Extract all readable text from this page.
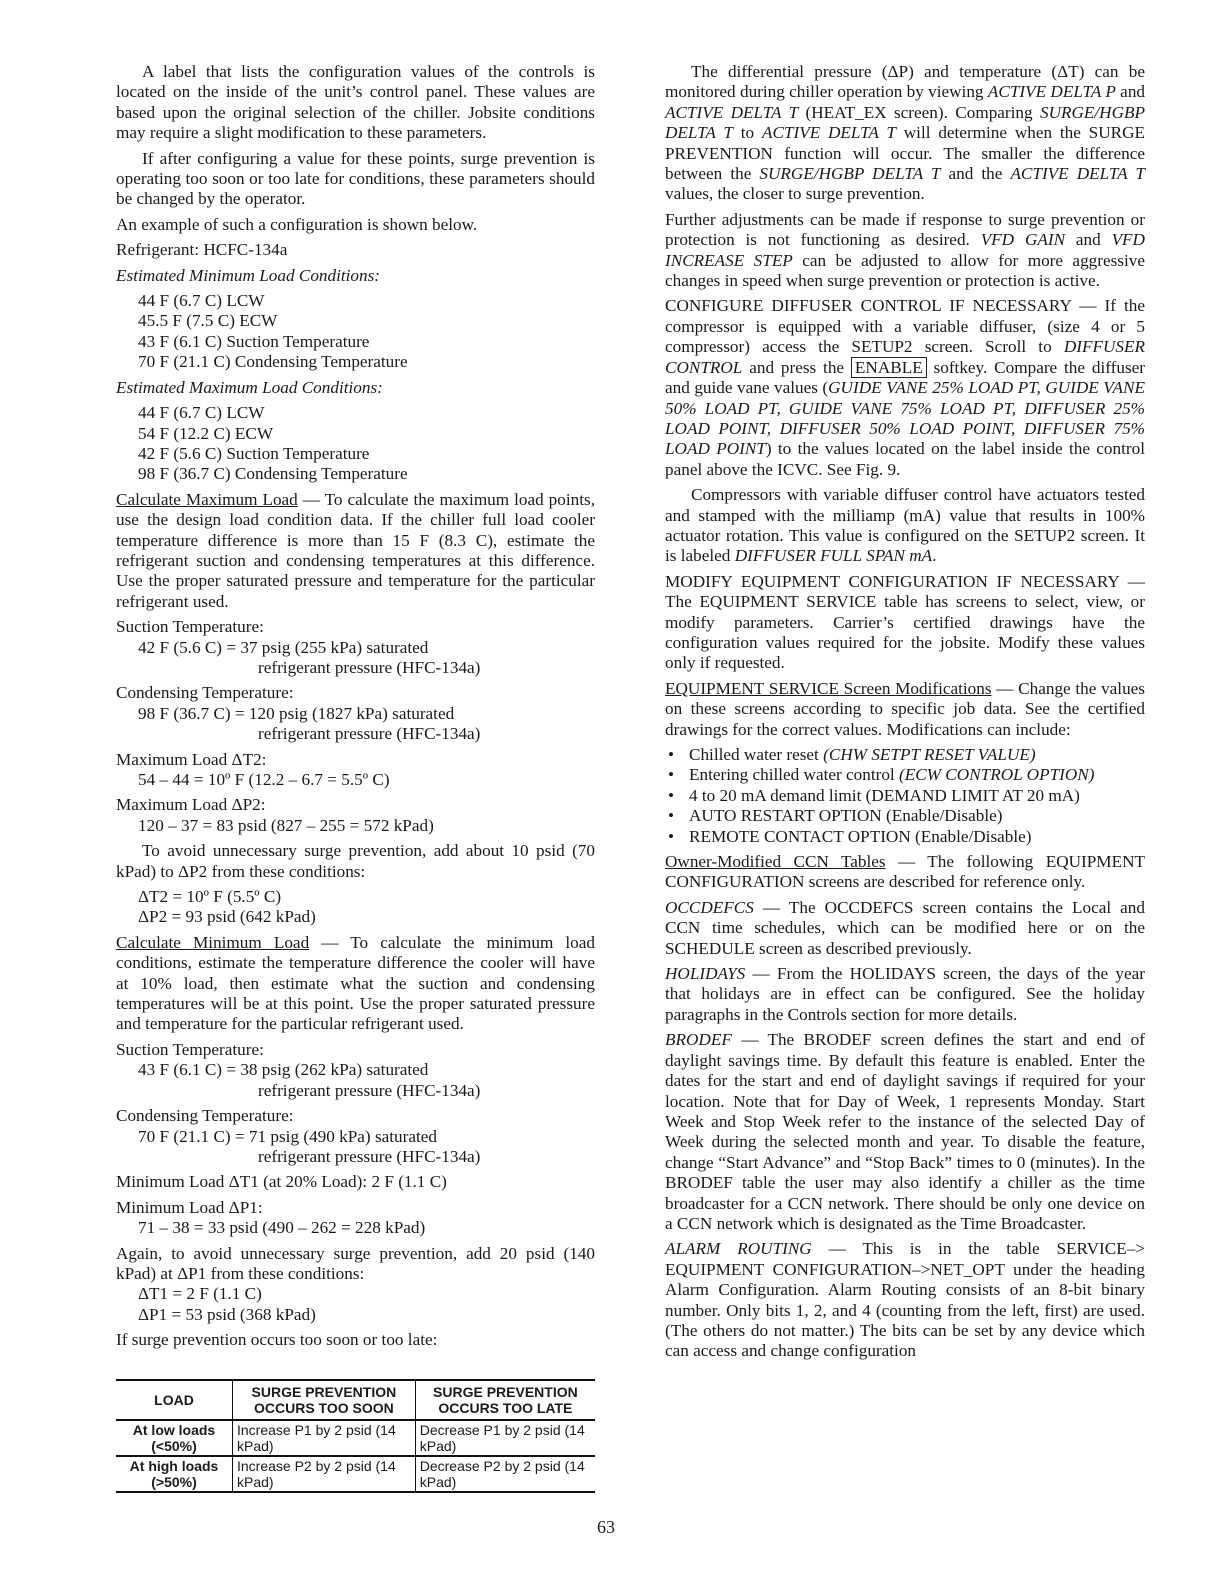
A label that lists the configuration values of the controls is located on the inside of the unit’s control panel. These values are based upon the original selection of the chiller. Jobsite conditions may require a slight modification to these parameters.

If after configuring a value for these points, surge prevention is operating too soon or too late for conditions, these parameters should be changed by the operator.

An example of such a configuration is shown below.

Refrigerant: HCFC-134a

Estimated Minimum Load Conditions:

44 F (6.7 C) LCW
45.5 F (7.5 C) ECW
43 F (6.1 C) Suction Temperature
70 F (21.1 C) Condensing Temperature

Estimated Maximum Load Conditions:

44 F (6.7 C) LCW
54 F (12.2 C) ECW
42 F (5.6 C) Suction Temperature
98 F (36.7 C) Condensing Temperature

Calculate Maximum Load — To calculate the maximum load points, use the design load condition data. If the chiller full load cooler temperature difference is more than 15 F (8.3 C), estimate the refrigerant suction and condensing temperatures at this difference. Use the proper saturated pressure and temperature for the particular refrigerant used.

Suction Temperature:
42 F (5.6 C) = 37 psig (255 kPa) saturated
refrigerant pressure (HFC-134a)
Condensing Temperature:
98 F (36.7 C) = 120 psig (1827 kPa) saturated
refrigerant pressure (HFC-134a)
Maximum Load ΔT2:
54 – 44 = 10º F (12.2 – 6.7 = 5.5º C)
Maximum Load ΔP2:
120 – 37 = 83 psid (827 – 255 = 572 kPad)

To avoid unnecessary surge prevention, add about 10 psid (70 kPad) to ΔP2 from these conditions:

ΔT2 = 10º F (5.5º C)
ΔP2 = 93 psid (642 kPad)

Calculate Minimum Load — To calculate the minimum load conditions, estimate the temperature difference the cooler will have at 10% load, then estimate what the suction and condensing temperatures will be at this point. Use the proper saturated pressure and temperature for the particular refrigerant used.

Suction Temperature:
43 F (6.1 C) = 38 psig (262 kPa) saturated
refrigerant pressure (HFC-134a)
Condensing Temperature:
70 F (21.1 C) = 71 psig (490 kPa) saturated
refrigerant pressure (HFC-134a)

Minimum Load ΔT1 (at 20% Load): 2 F (1.1 C)

Minimum Load ΔP1:
71 – 38 = 33 psid (490 – 262 = 228 kPad)

Again, to avoid unnecessary surge prevention, add 20 psid (140 kPad) at ΔP1 from these conditions:

ΔT1 = 2 F (1.1 C)
ΔP1 = 53 psid (368 kPad)

If surge prevention occurs too soon or too late:

LOAD	SURGE PREVENTION OCCURS TOO SOON	SURGE PREVENTION OCCURS TOO LATE
At low loads (<50%)	Increase P1 by 2 psid (14 kPad)	Decrease P1 by 2 psid (14 kPad)
At high loads (>50%)	Increase P2 by 2 psid (14 kPad)	Decrease P2 by 2 psid (14 kPad)

The differential pressure (ΔP) and temperature (ΔT) can be monitored during chiller operation by viewing ACTIVE DELTA P and ACTIVE DELTA T (HEAT_EX screen). Comparing SURGE/HGBP DELTA T to ACTIVE DELTA T will determine when the SURGE PREVENTION function will occur. The smaller the difference between the SURGE/HGBP DELTA T and the ACTIVE DELTA T values, the closer to surge prevention.

Further adjustments can be made if response to surge prevention or protection is not functioning as desired. VFD GAIN and VFD INCREASE STEP can be adjusted to allow for more aggressive changes in speed when surge prevention or protection is active.

CONFIGURE DIFFUSER CONTROL IF NECESSARY — If the compressor is equipped with a variable diffuser, (size 4 or 5 compressor) access the SETUP2 screen. Scroll to DIFFUSER CONTROL and press the ENABLE softkey. Compare the diffuser and guide vane values (GUIDE VANE 25% LOAD PT, GUIDE VANE 50% LOAD PT, GUIDE VANE 75% LOAD PT, DIFFUSER 25% LOAD POINT, DIFFUSER 50% LOAD POINT, DIFFUSER 75% LOAD POINT) to the values located on the label inside the control panel above the ICVC. See Fig. 9.

Compressors with variable diffuser control have actuators tested and stamped with the milliamp (mA) value that results in 100% actuator rotation. This value is configured on the SETUP2 screen. It is labeled DIFFUSER FULL SPAN mA.

MODIFY EQUIPMENT CONFIGURATION IF NECESSARY — The EQUIPMENT SERVICE table has screens to select, view, or modify parameters. Carrier’s certified drawings have the configuration values required for the jobsite. Modify these values only if requested.

EQUIPMENT SERVICE Screen Modifications — Change the values on these screens according to specific job data. See the certified drawings for the correct values. Modifications can include:

• Chilled water reset (CHW SETPT RESET VALUE)
• Entering chilled water control (ECW CONTROL OPTION)
• 4 to 20 mA demand limit (DEMAND LIMIT AT 20 mA)
• AUTO RESTART OPTION (Enable/Disable)
• REMOTE CONTACT OPTION (Enable/Disable)

Owner-Modified CCN Tables — The following EQUIPMENT CONFIGURATION screens are described for reference only.

OCCDEFCS — The OCCDEFCS screen contains the Local and CCN time schedules, which can be modified here or on the SCHEDULE screen as described previously.

HOLIDAYS — From the HOLIDAYS screen, the days of the year that holidays are in effect can be configured. See the holiday paragraphs in the Controls section for more details.

BRODEF — The BRODEF screen defines the start and end of daylight savings time. By default this feature is enabled. Enter the dates for the start and end of daylight savings if required for your location. Note that for Day of Week, 1 represents Monday. Start Week and Stop Week refer to the instance of the selected Day of Week during the selected month and year. To disable the feature, change “Start Advance” and “Stop Back” times to 0 (minutes). In the BRODEF table the user may also identify a chiller as the time broadcaster for a CCN network. There should be only one device on a CCN network which is designated as the Time Broadcaster.

ALARM ROUTING — This is in the table SERVICE–> EQUIPMENT CONFIGURATION–>NET_OPT under the heading Alarm Configuration. Alarm Routing consists of an 8-bit binary number. Only bits 1, 2, and 4 (counting from the left, first) are used. (The others do not matter.) The bits can be set by any device which can access and change configuration

63
